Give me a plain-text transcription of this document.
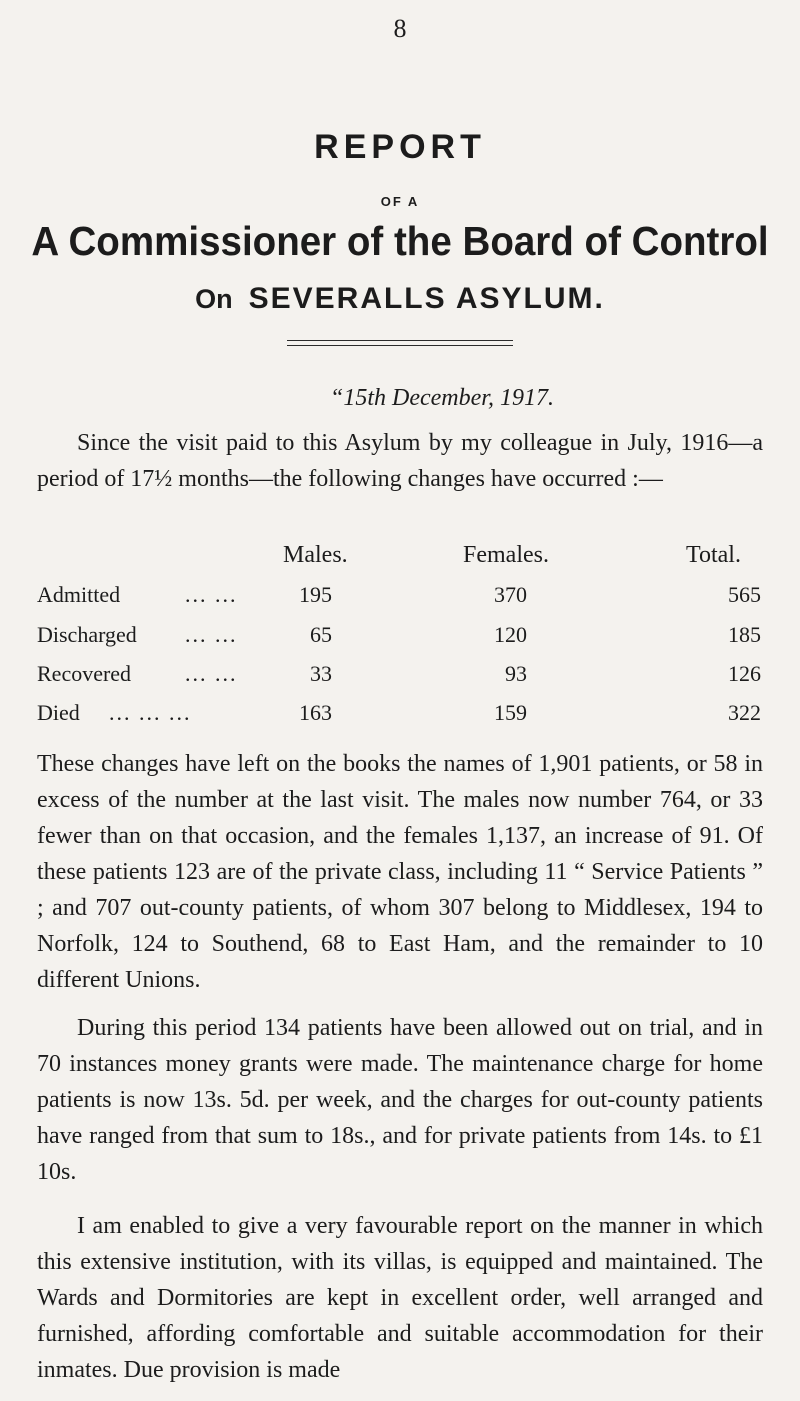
8
REPORT
OF A
A Commissioner of the Board of Control
On SEVERALLS ASYLUM.
“15th December, 1917.
Since the visit paid to this Asylum by my colleague in July, 1916—a period of 17½ months—the following changes have occurred :—
Males.	Females.	Total.
Admitted	... ...	195	370	565
Discharged ... ...	65	120	185
Recovered ... ...	33	93	126
Died ... ... ...	163	159	322
These changes have left on the books the names of 1,901 patients, or 58 in excess of the number at the last visit. The males now number 764, or 33 fewer than on that occasion, and the females 1,137, an increase of 91. Of these patients 123 are of the private class, including 11 “ Service Patients ” ; and 707 out-county patients, of whom 307 belong to Middlesex, 194 to Norfolk, 124 to Southend, 68 to East Ham, and the remainder to 10 different Unions.
During this period 134 patients have been allowed out on trial, and in 70 instances money grants were made. The maintenance charge for home patients is now 13s. 5d. per week, and the charges for out-county patients have ranged from that sum to 18s., and for private patients from 14s. to £1 10s.
I am enabled to give a very favourable report on the manner in which this extensive institution, with its villas, is equipped and maintained. The Wards and Dormitories are kept in excellent order, well arranged and furnished, affording comfortable and suitable accommodation for their inmates. Due provision is made
